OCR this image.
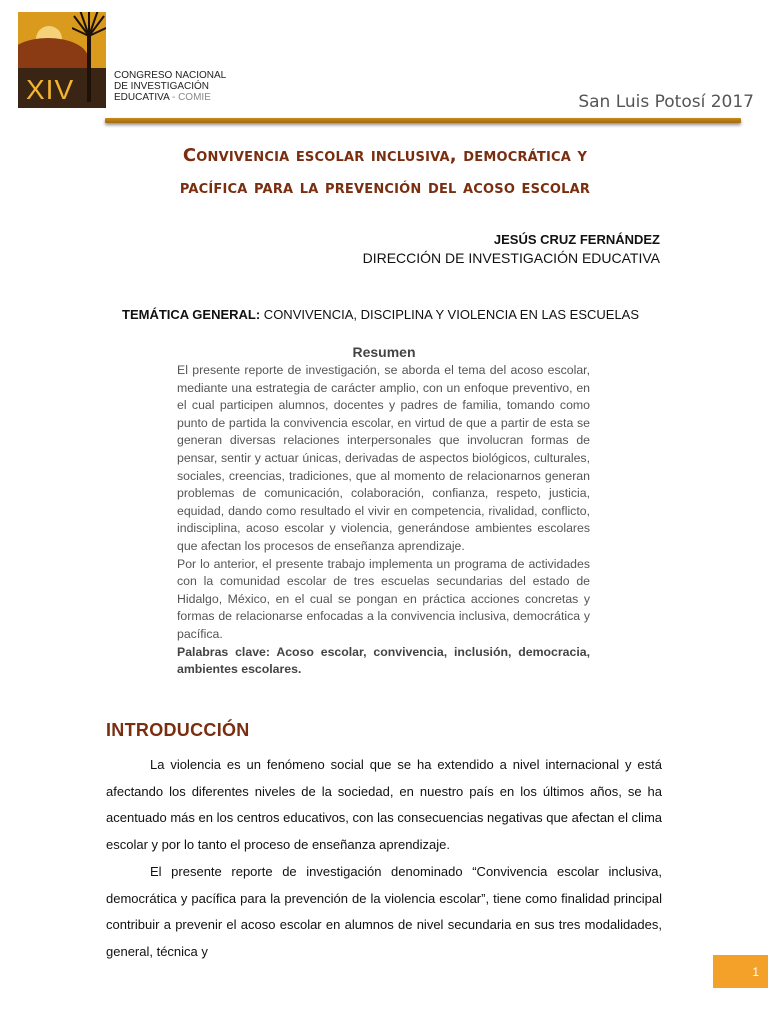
XIV	CONGRESO NACIONAL
DE INVESTIGACIÓN
EDUCATIVA - COMIE	San Luis Potosí 2017
Convivencia escolar inclusiva, democrática y
pacífica para la prevención del acoso escolar
JESÚS CRUZ FERNÁNDEZ
DIRECCIÓN DE INVESTIGACIÓN EDUCATIVA
TEMÁTICA GENERAL: CONVIVENCIA, DISCIPLINA Y VIOLENCIA EN LAS ESCUELAS
Resumen

El presente reporte de investigación, se aborda el tema del acoso escolar, mediante una estrategia de carácter amplio, con un enfoque preventivo, en el cual participen alumnos, docentes y padres de familia, tomando como punto de partida la convivencia escolar, en virtud de que a partir de esta se generan diversas relaciones interpersonales que involucran formas de pensar, sentir y actuar únicas, derivadas de aspectos biológicos, culturales, sociales, creencias, tradiciones, que al momento de relacionarnos generan problemas de comunicación, colaboración, confianza, respeto, justicia, equidad, dando como resultado el vivir en competencia, rivalidad, conflicto, indisciplina, acoso escolar y violencia, generándose ambientes escolares que afectan los procesos de enseñanza aprendizaje.

Por lo anterior, el presente trabajo implementa un programa de actividades con la comunidad escolar de tres escuelas secundarias del estado de Hidalgo, México, en el cual se pongan en práctica acciones concretas y formas de relacionarse enfocadas a la convivencia inclusiva, democrática y pacífica.

Palabras clave: Acoso escolar, convivencia, inclusión, democracia, ambientes escolares.

INTRODUCCIÓN

La violencia es un fenómeno social que se ha extendido a nivel internacional y está afectando los diferentes niveles de la sociedad, en nuestro país en los últimos años, se ha acentuado más en los centros educativos, con las consecuencias negativas que afectan el clima escolar y por lo tanto el proceso de enseñanza aprendizaje.

El presente reporte de investigación denominado “Convivencia escolar inclusiva, democrática y pacífica para la prevención de la violencia escolar”, tiene como finalidad principal contribuir a prevenir el acoso escolar en alumnos de nivel secundaria en sus tres modalidades, general, técnica y

1
